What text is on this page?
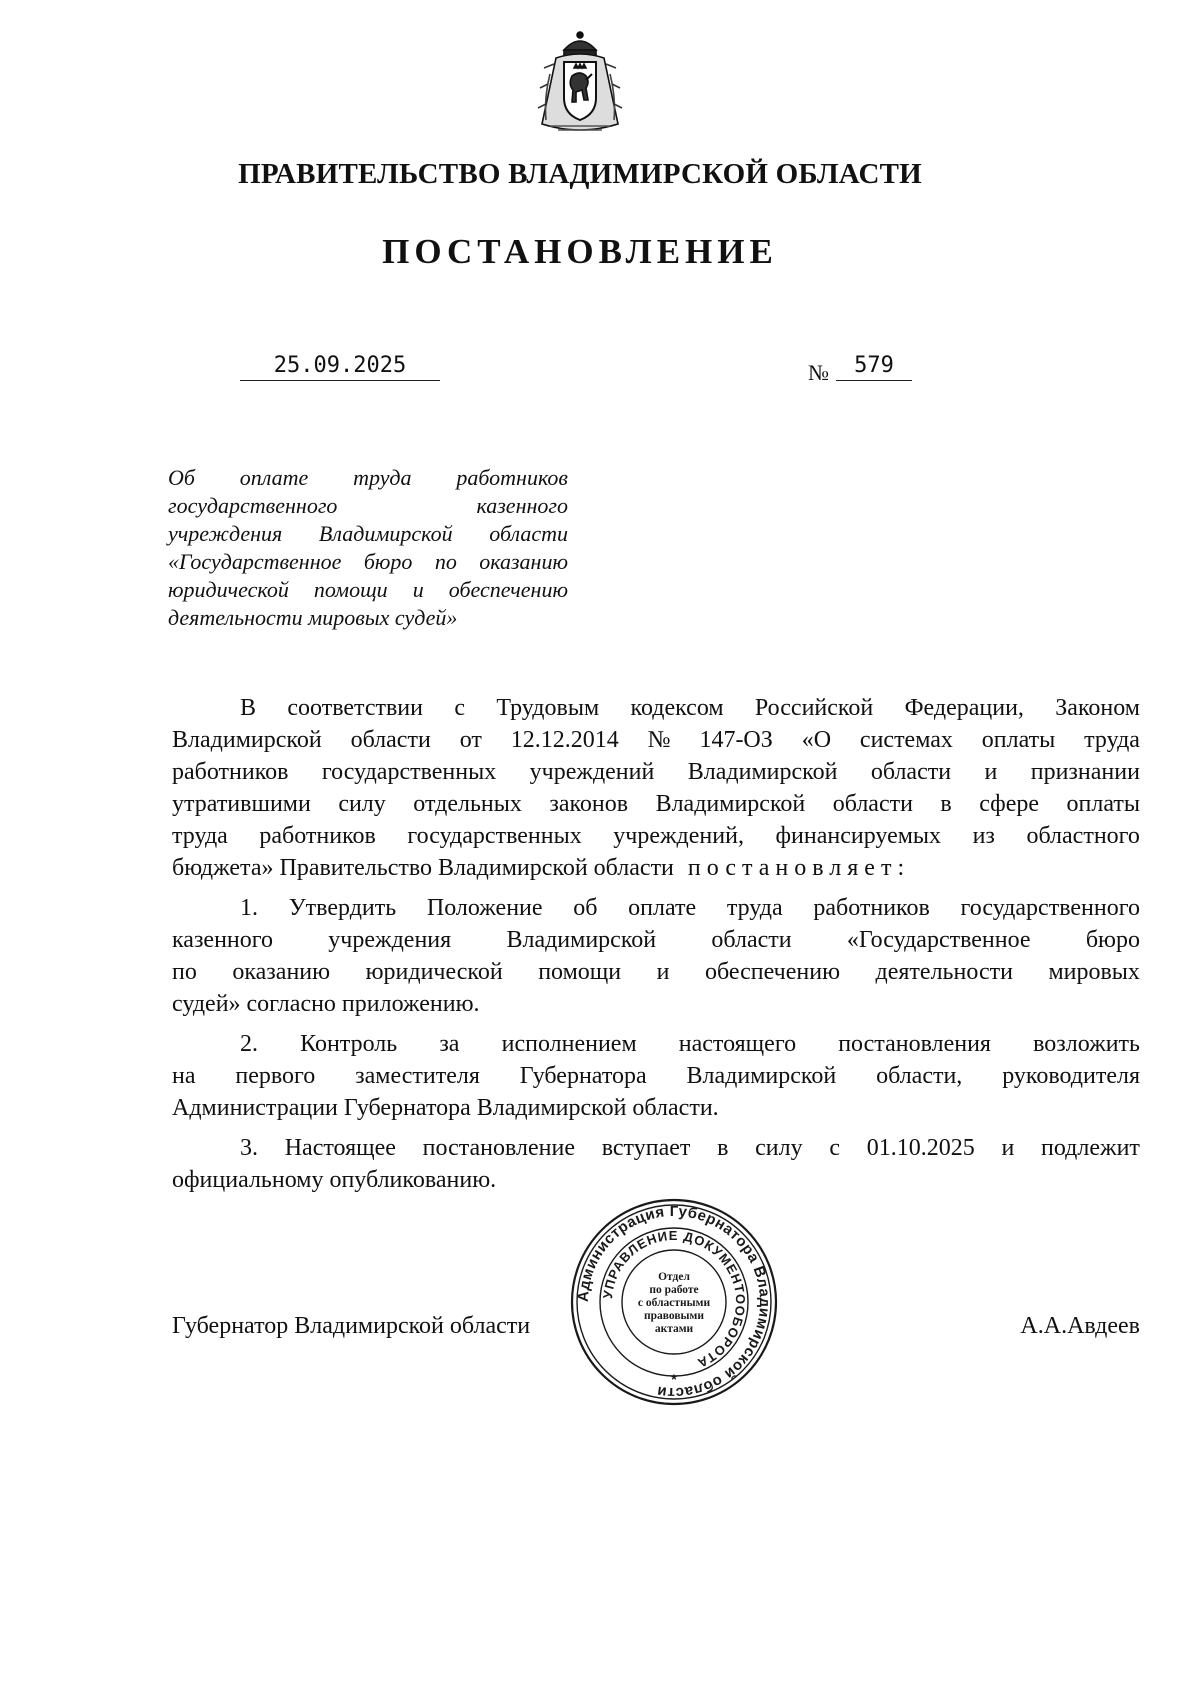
ПРАВИТЕЛЬСТВО ВЛАДИМИРСКОЙ ОБЛАСТИ
ПОСТАНОВЛЕНИЕ
25.09.2025	№	579
Об оплате труда работников
государственного	казенного
учреждения Владимирской области
«Государственное бюро по оказанию
юридической помощи и обеспечению
деятельности мировых судей»
В соответствии с Трудовым кодексом Российской Федерации, Законом
Владимирской области от 12.12.2014 № 147-ОЗ «О системах оплаты труда
работников государственных учреждений Владимирской области и признании
утратившими силу отдельных законов Владимирской области в сфере оплаты
труда работников государственных учреждений, финансируемых из областного
бюджета» Правительство Владимирской области постановляет:
1. Утвердить Положение об оплате труда работников государственного
казенного учреждения Владимирской области «Государственное бюро
по оказанию юридической помощи и обеспечению деятельности мировых
судей» согласно приложению.
2. Контроль за исполнением настоящего постановления возложить
на первого заместителя Губернатора Владимирской области, руководителя
Администрации Губернатора Владимирской области.
3. Настоящее постановление вступает в силу с 01.10.2025 и подлежит
официальному опубликованию.
Губернатор Владимирской области	А.А.Авдеев
Администрация Губернатора Владимирской области
УПРАВЛЕНИЕ ДОКУМЕНТООБОРОТА
Отдел
по работе
с областными
правовыми
актами
*
